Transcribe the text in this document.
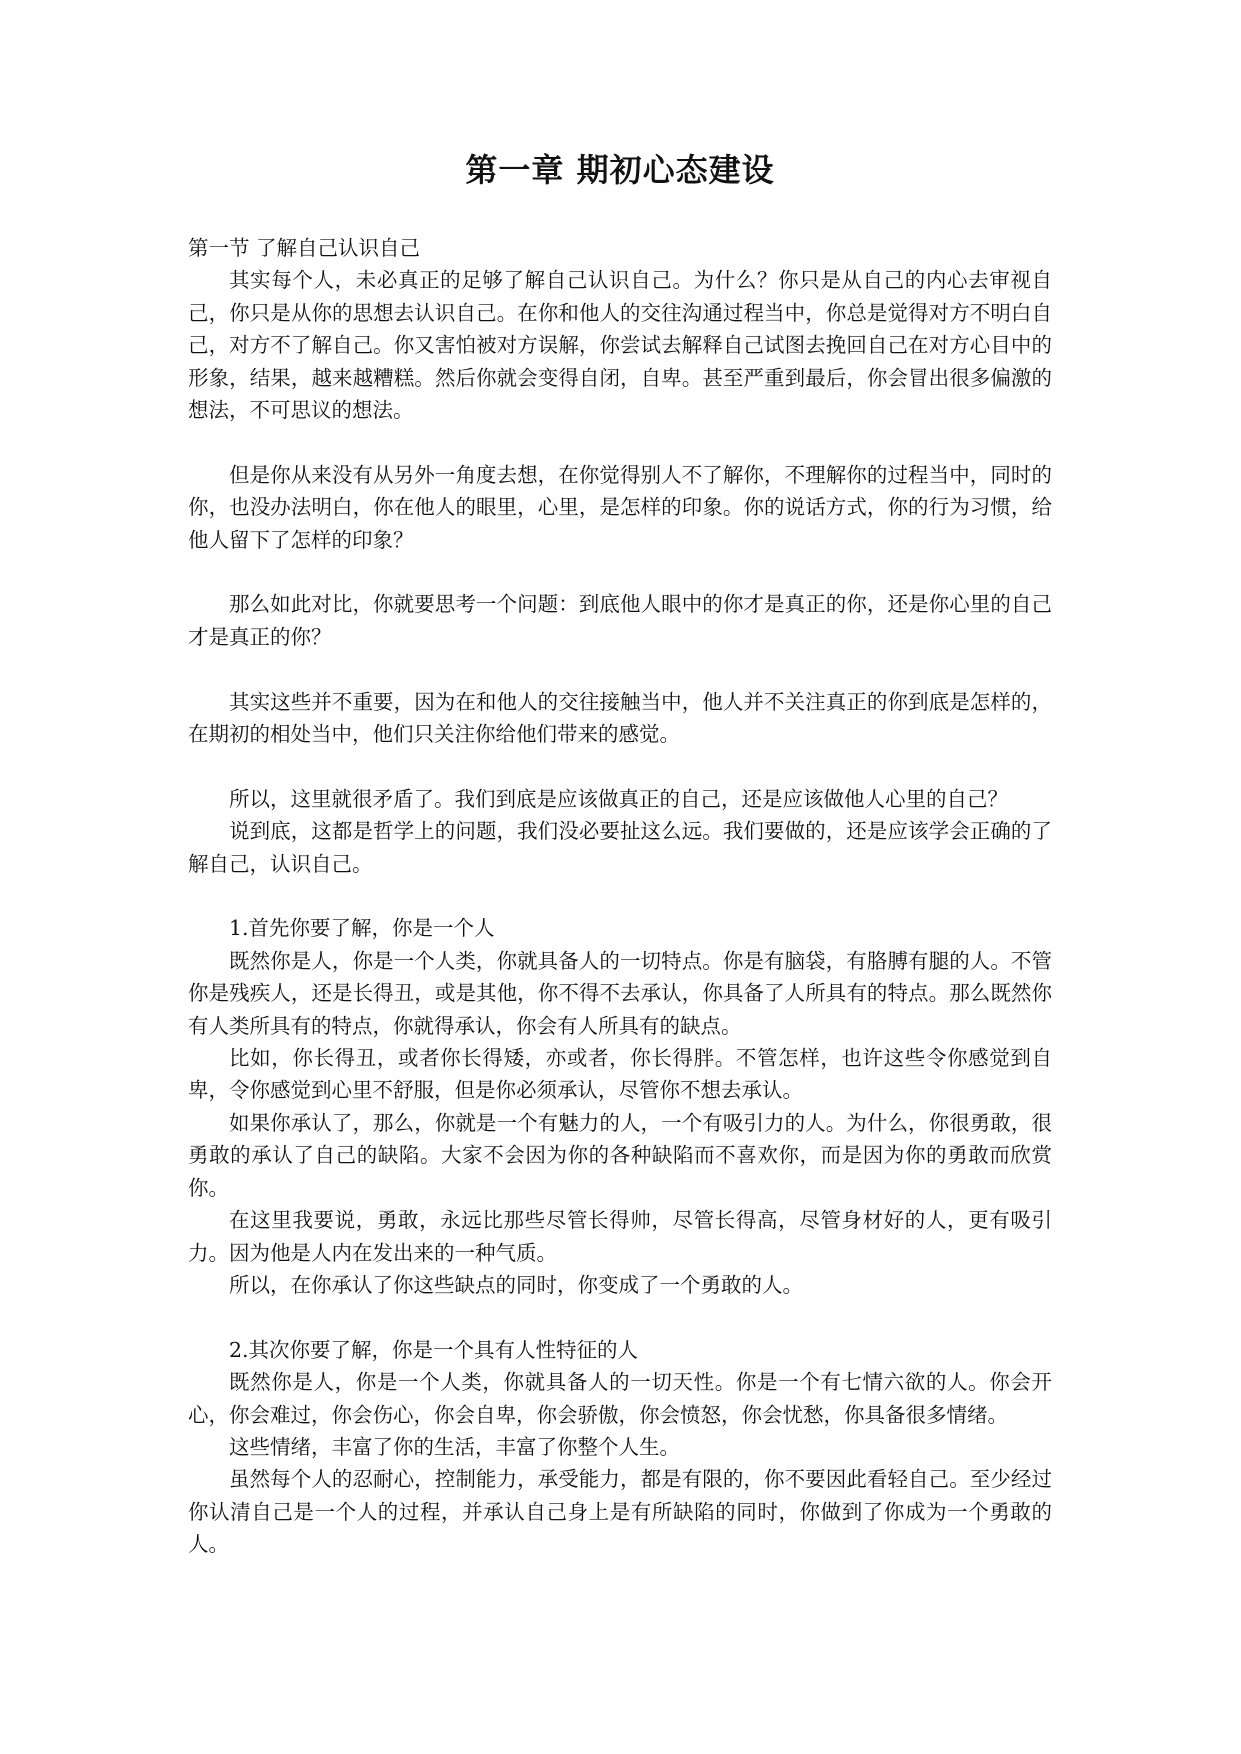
第一章 期初心态建设
第一节 了解自己认识自己

其实每个人，未必真正的足够了解自己认识自己。为什么？你只是从自己的内心去审视自己，你只是从你的思想去认识自己。在你和他人的交往沟通过程当中，你总是觉得对方不明白自己，对方不了解自己。你又害怕被对方误解，你尝试去解释自己试图去挽回自己在对方心目中的形象，结果，越来越糟糕。然后你就会变得自闭，自卑。甚至严重到最后，你会冒出很多偏激的想法，不可思议的想法。

但是你从来没有从另外一角度去想，在你觉得别人不了解你，不理解你的过程当中，同时的你，也没办法明白，你在他人的眼里，心里，是怎样的印象。你的说话方式，你的行为习惯，给他人留下了怎样的印象？

那么如此对比，你就要思考一个问题：到底他人眼中的你才是真正的你，还是你心里的自己才是真正的你？

其实这些并不重要，因为在和他人的交往接触当中，他人并不关注真正的你到底是怎样的，在期初的相处当中，他们只关注你给他们带来的感觉。

所以，这里就很矛盾了。我们到底是应该做真正的自己，还是应该做他人心里的自己？

说到底，这都是哲学上的问题，我们没必要扯这么远。我们要做的，还是应该学会正确的了解自己，认识自己。

1.首先你要了解，你是一个人

既然你是人，你是一个人类，你就具备人的一切特点。你是有脑袋，有胳膊有腿的人。不管你是残疾人，还是长得丑，或是其他，你不得不去承认，你具备了人所具有的特点。那么既然你有人类所具有的特点，你就得承认，你会有人所具有的缺点。

比如，你长得丑，或者你长得矮，亦或者，你长得胖。不管怎样，也许这些令你感觉到自卑，令你感觉到心里不舒服，但是你必须承认，尽管你不想去承认。

如果你承认了，那么，你就是一个有魅力的人，一个有吸引力的人。为什么，你很勇敢，很勇敢的承认了自己的缺陷。大家不会因为你的各种缺陷而不喜欢你，而是因为你的勇敢而欣赏你。

在这里我要说，勇敢，永远比那些尽管长得帅，尽管长得高，尽管身材好的人，更有吸引力。因为他是人内在发出来的一种气质。

所以，在你承认了你这些缺点的同时，你变成了一个勇敢的人。

2.其次你要了解，你是一个具有人性特征的人

既然你是人，你是一个人类，你就具备人的一切天性。你是一个有七情六欲的人。你会开心，你会难过，你会伤心，你会自卑，你会骄傲，你会愤怒，你会忧愁，你具备很多情绪。

这些情绪，丰富了你的生活，丰富了你整个人生。

虽然每个人的忍耐心，控制能力，承受能力，都是有限的，你不要因此看轻自己。至少经过你认清自己是一个人的过程，并承认自己身上是有所缺陷的同时，你做到了你成为一个勇敢的人。
